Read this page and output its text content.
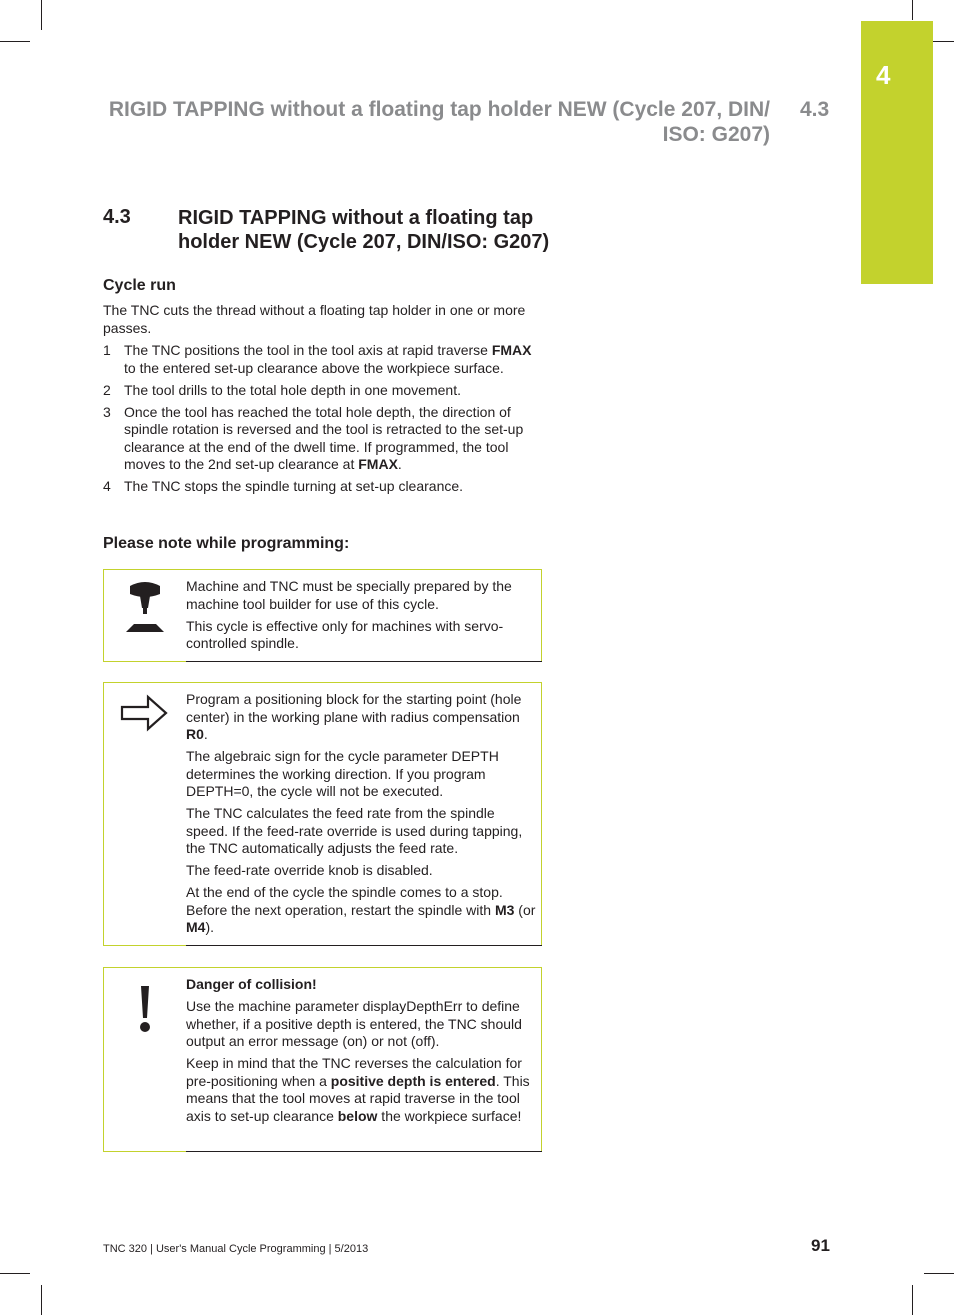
4
RIGID TAPPING without a floating tap holder NEW (Cycle 207, DIN/ ISO: G207)
4.3
4.3 RIGID TAPPING without a floating tap holder NEW (Cycle 207, DIN/ISO: G207)
Cycle run
The TNC cuts the thread without a floating tap holder in one or more passes.
1 The TNC positions the tool in the tool axis at rapid traverse FMAX to the entered set-up clearance above the workpiece surface.
2 The tool drills to the total hole depth in one movement.
3 Once the tool has reached the total hole depth, the direction of spindle rotation is reversed and the tool is retracted to the set-up clearance at the end of the dwell time. If programmed, the tool moves to the 2nd set-up clearance at FMAX.
4 The TNC stops the spindle turning at set-up clearance.
Please note while programming:

Machine and TNC must be specially prepared by the machine tool builder for use of this cycle.

This cycle is effective only for machines with servo-controlled spindle.

Program a positioning block for the starting point (hole center) in the working plane with radius compensation R0.

The algebraic sign for the cycle parameter DEPTH determines the working direction. If you program DEPTH=0, the cycle will not be executed.

The TNC calculates the feed rate from the spindle speed. If the feed-rate override is used during tapping, the TNC automatically adjusts the feed rate.

The feed-rate override knob is disabled.

At the end of the cycle the spindle comes to a stop. Before the next operation, restart the spindle with M3 (or M4).

Danger of collision!

Use the machine parameter displayDepthErr to define whether, if a positive depth is entered, the TNC should output an error message (on) or not (off).

Keep in mind that the TNC reverses the calculation for pre-positioning when a positive depth is entered. This means that the tool moves at rapid traverse in the tool axis to set-up clearance below the workpiece surface!

TNC 320 | User's Manual Cycle Programming | 5/2013	91
